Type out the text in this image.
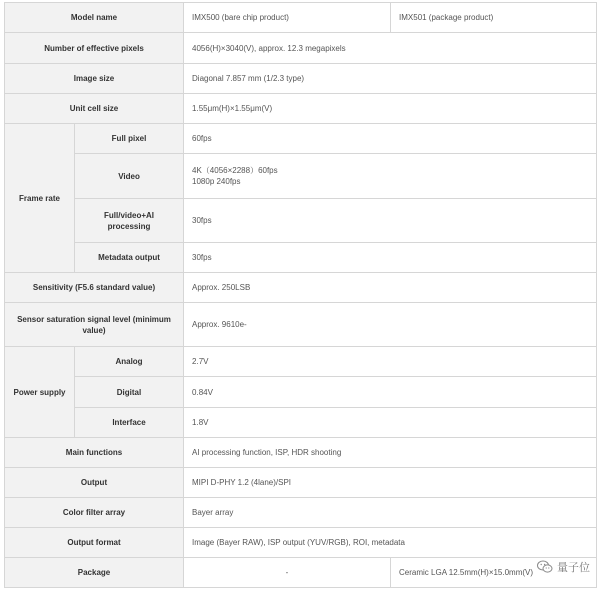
Model name		IMX500 (bare chip product)	IMX501 (package product)
Number of effective pixels		4056(H)×3040(V), approx. 12.3 megapixels	
Image size		Diagonal 7.857 mm (1/2.3 type)	
Unit cell size		1.55μm(H)×1.55μm(V)	
Frame rate	Full pixel	60fps	
	Video	4K（4056×2288）60fps
1080p 240fps	

	Full/video+AI processing	30fps	
	Metadata output	30fps	
Sensitivity (F5.6 standard value)		Approx. 250LSB	
Sensor saturation signal level (minimum value)		Approx. 9610e-	
Power supply	Analog	2.7V	
	Digital	0.84V	
	Interface	1.8V	
Main functions		AI processing function, ISP, HDR shooting	
Output		MIPI D-PHY 1.2 (4lane)/SPI	
Color filter array		Bayer array	
Output format		Image (Bayer RAW), ISP output (YUV/RGB), ROI, metadata	
Package		-	Ceramic LGA 12.5mm(H)×15.0mm(V) 量子位
